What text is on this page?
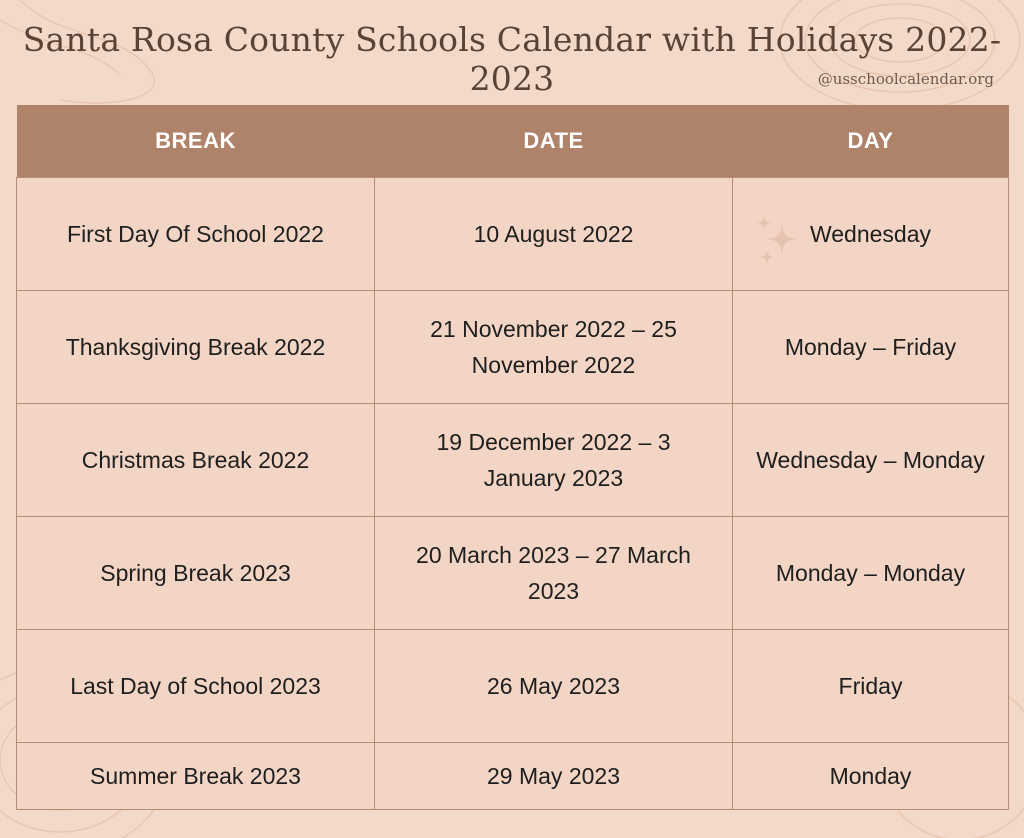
Santa Rosa County Schools Calendar with Holidays 2022-2023	@usschoolcalendar.org
BREAK	DATE	DAY
First Day Of School 2022	10 August 2022	Wednesday
Thanksgiving Break 2022	21 November 2022 – 25 November 2022	Monday – Friday
Christmas Break 2022	19 December 2022 – 3 January 2023	Wednesday – Monday
Spring Break 2023	20 March 2023 – 27 March 2023	Monday – Monday
Last Day of School 2023	26 May 2023	Friday
Summer Break 2023	29 May 2023	Monday
